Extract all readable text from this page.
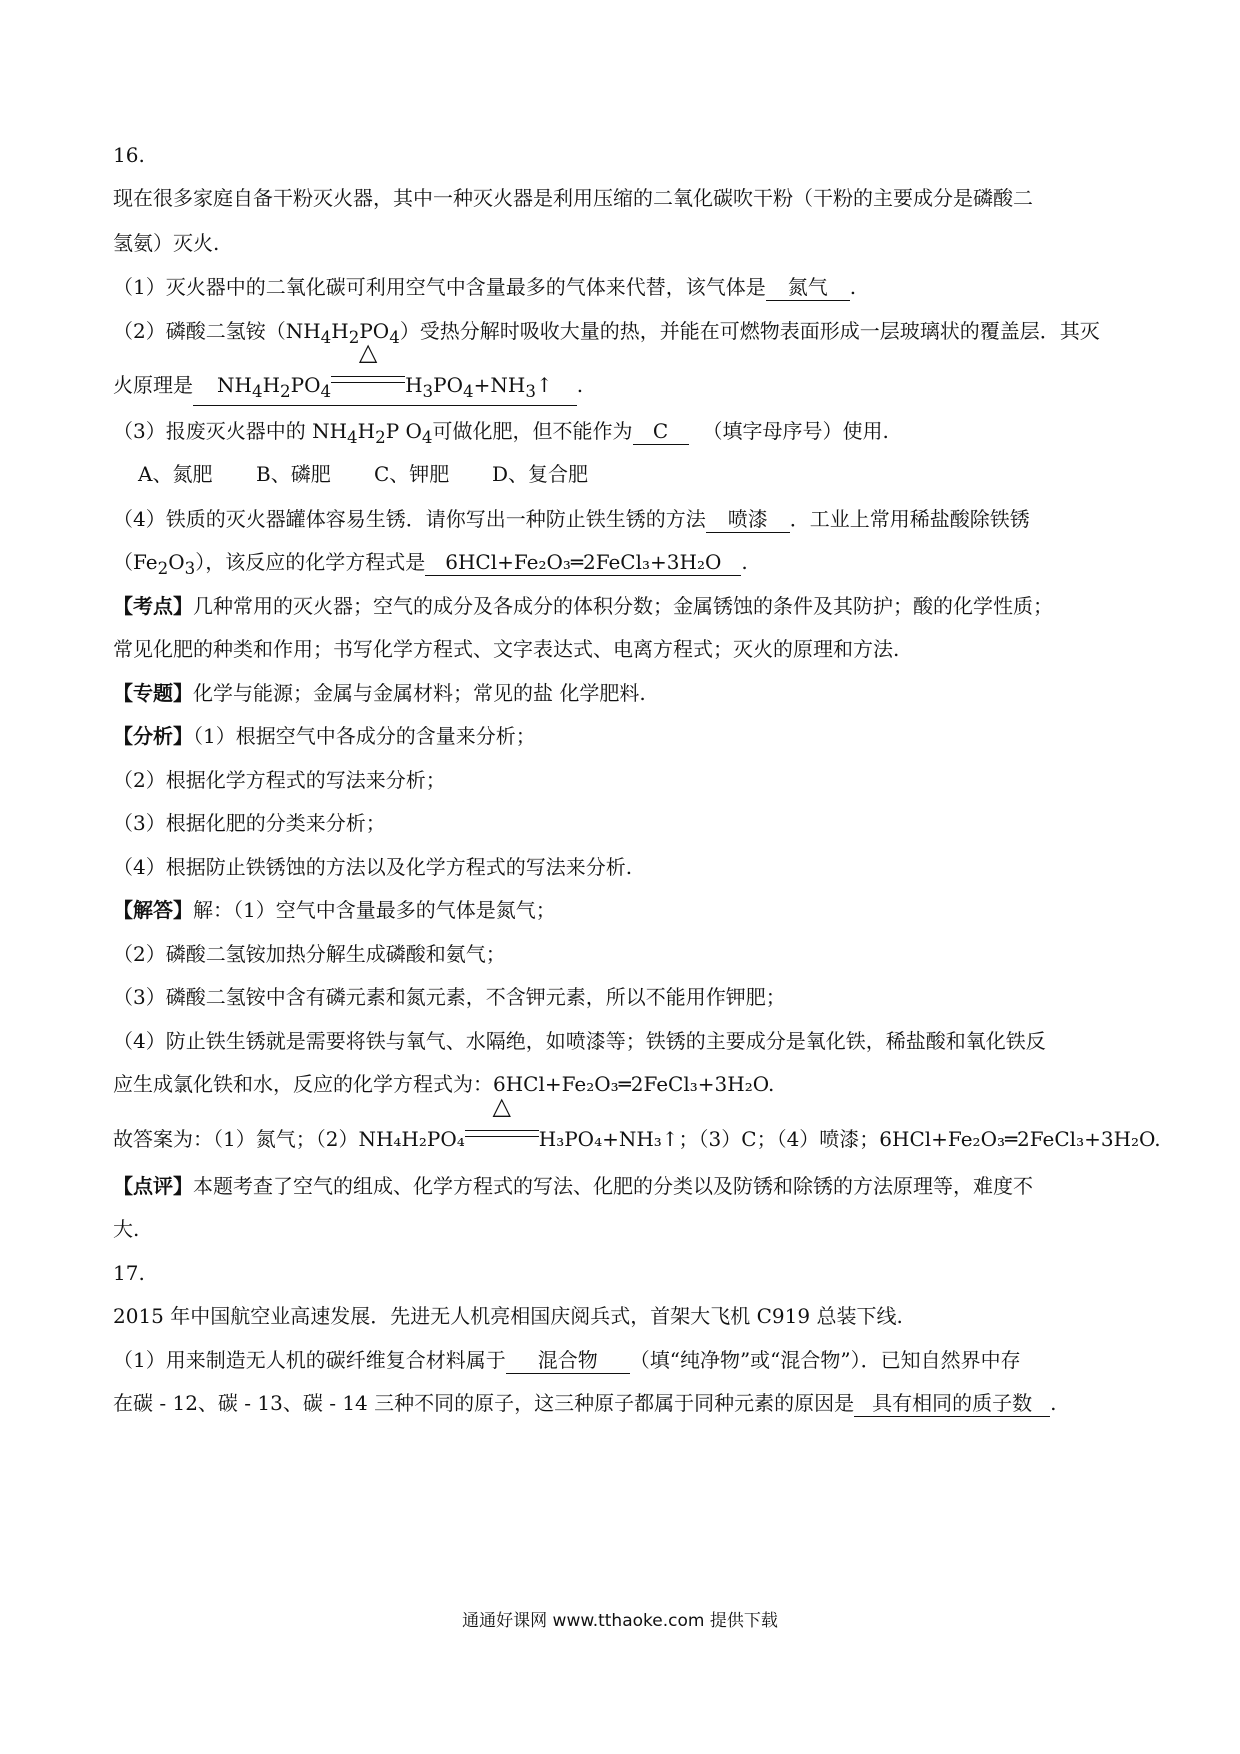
16.
现在很多家庭自备干粉灭火器，其中一种灭火器是利用压缩的二氧化碳吹干粉（干粉的主要成分是磷酸二
氢氨）灭火.
（1）灭火器中的二氧化碳可利用空气中含量最多的气体来代替，该气体是 氮气 .
（2）磷酸二氢铵$(NH_4H_2PO_4)$受热分解时吸收大量的热，并能在可燃物表面形成一层玻璃状的覆盖层．其灭
火原理是 $NH_4H_2PO_4$
△
$H_3PO_4+NH_3↑$ .
（3）报废灭火器中的 $NH_4H_2P$ $O_4$可做化肥，但不能作为 C （填字母序号）使用.
A、氮肥 B、磷肥 C、钾肥 D、复合肥
（4）铁质的灭火器罐体容易生锈．请你写出一种防止铁生锈的方法 喷漆 ．工业上常用稀盐酸除铁锈
$(Fe_2O_3)$，该反应的化学方程式是 6HCl+Fe₂O₃═2FeCl₃+3H₂O .
【考点】几种常用的灭火器；空气的成分及各成分的体积分数；金属锈蚀的条件及其防护；酸的化学性质；
常见化肥的种类和作用；书写化学方程式、文字表达式、电离方程式；灭火的原理和方法.
【专题】化学与能源；金属与金属材料；常见的盐 化学肥料.
【分析】（1）根据空气中各成分的含量来分析；
（2）根据化学方程式的写法来分析；
（3）根据化肥的分类来分析；
（4）根据防止铁锈蚀的方法以及化学方程式的写法来分析.
【解答】解：（1）空气中含量最多的气体是氮气；
（2）磷酸二氢铵加热分解生成磷酸和氨气；
（3）磷酸二氢铵中含有磷元素和氮元素，不含钾元素，所以不能用作钾肥；
（4）防止铁生锈就是需要将铁与氧气、水隔绝，如喷漆等；铁锈的主要成分是氧化铁，稀盐酸和氧化铁反
应生成氯化铁和水，反应的化学方程式为：6HCl+Fe₂O₃═2FeCl₃+3H₂O.
故答案为：（1）氮气；（2）NH₄H₂PO₄
△
H₃PO₄+NH₃↑；（3）C；（4）喷漆；6HCl+Fe₂O₃═2FeCl₃+3H₂O.
【点评】本题考查了空气的组成、化学方程式的写法、化肥的分类以及防锈和除锈的方法原理等，难度不
大.
17.
2015 年中国航空业高速发展．先进无人机亮相国庆阅兵式，首架大飞机 C919 总装下线.
（1）用来制造无人机的碳纤维复合材料属于 混合物 （填“纯净物”或“混合物”）．已知自然界中存
在碳 - 12、碳 - 13、碳 - 14 三种不同的原子，这三种原子都属于同种元素的原因是 具有相同的质子数 .
通通好课网 www.tthaoke.com 提供下载
